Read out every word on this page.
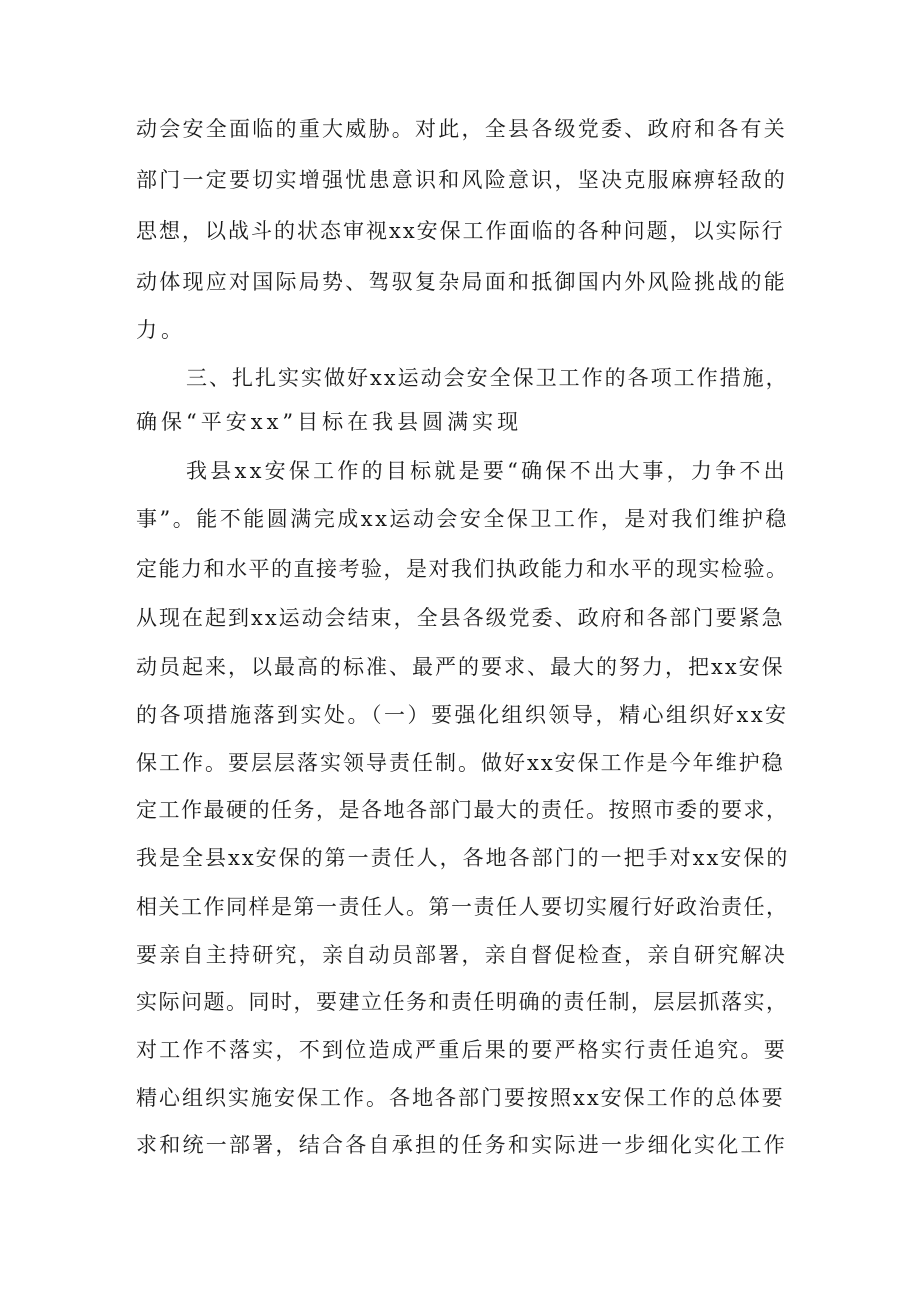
动会安全面临的重大威胁。对此，全县各级党委、政府和各有关
部门一定要切实增强忧患意识和风险意识，坚决克服麻痹轻敌的
思想，以战斗的状态审视xx安保工作面临的各种问题，以实际行
动体现应对国际局势、驾驭复杂局面和抵御国内外风险挑战的能
力。
三、扎扎实实做好xx运动会安全保卫工作的各项工作措施，
确保“平安xx”目标在我县圆满实现
我县xx安保工作的目标就是要“确保不出大事，力争不出
事”。能不能圆满完成xx运动会安全保卫工作，是对我们维护稳
定能力和水平的直接考验，是对我们执政能力和水平的现实检验。
从现在起到xx运动会结束，全县各级党委、政府和各部门要紧急
动员起来，以最高的标准、最严的要求、最大的努力，把xx安保
的各项措施落到实处。（一）要强化组织领导，精心组织好xx安
保工作。要层层落实领导责任制。做好xx安保工作是今年维护稳
定工作最硬的任务，是各地各部门最大的责任。按照市委的要求，
我是全县xx安保的第一责任人，各地各部门的一把手对xx安保的
相关工作同样是第一责任人。第一责任人要切实履行好政治责任，
要亲自主持研究，亲自动员部署，亲自督促检查，亲自研究解决
实际问题。同时，要建立任务和责任明确的责任制，层层抓落实，
对工作不落实，不到位造成严重后果的要严格实行责任追究。要
精心组织实施安保工作。各地各部门要按照xx安保工作的总体要
求和统一部署，结合各自承担的任务和实际进一步细化实化工作
